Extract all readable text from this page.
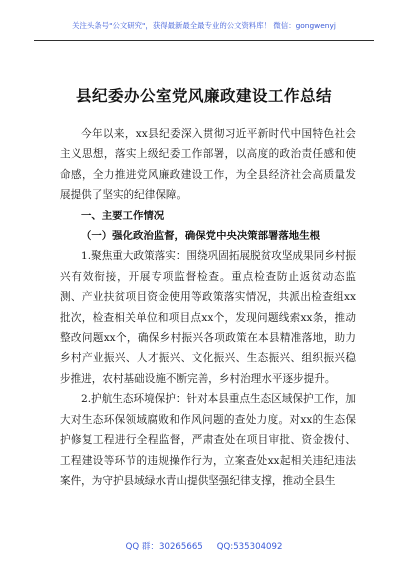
关注头条号"公文研究"，获得最新最全最专业的公文资料库！ 微信：gongwenyj
县纪委办公室党风廉政建设工作总结

今年以来，xx县纪委深入贯彻习近平新时代中国特色社会主义思想，落实上级纪委工作部署，以高度的政治责任感和使命感，全力推进党风廉政建设工作，为全县经济社会高质量发展提供了坚实的纪律保障。

一、主要工作情况

（一）强化政治监督，确保党中央决策部署落地生根

1.聚焦重大政策落实：围绕巩固拓展脱贫攻坚成果同乡村振兴有效衔接，开展专项监督检查。重点检查防止返贫动态监测、产业扶贫项目资金使用等政策落实情况，共派出检查组xx批次，检查相关单位和项目点xx个，发现问题线索xx条，推动整改问题xx个，确保乡村振兴各项政策在本县精准落地，助力乡村产业振兴、人才振兴、文化振兴、生态振兴、组织振兴稳步推进，农村基础设施不断完善，乡村治理水平逐步提升。

2.护航生态环境保护：针对本县重点生态区域保护工作，加大对生态环保领域腐败和作风问题的查处力度。对xx的生态保护修复工程进行全程监督，严肃查处在项目审批、资金拨付、工程建设等环节的违规操作行为，立案查处xx起相关违纪违法案件，为守护县域绿水青山提供坚强纪律支撑，推动全县生

QQ 群：30265665 QQ:535304092
